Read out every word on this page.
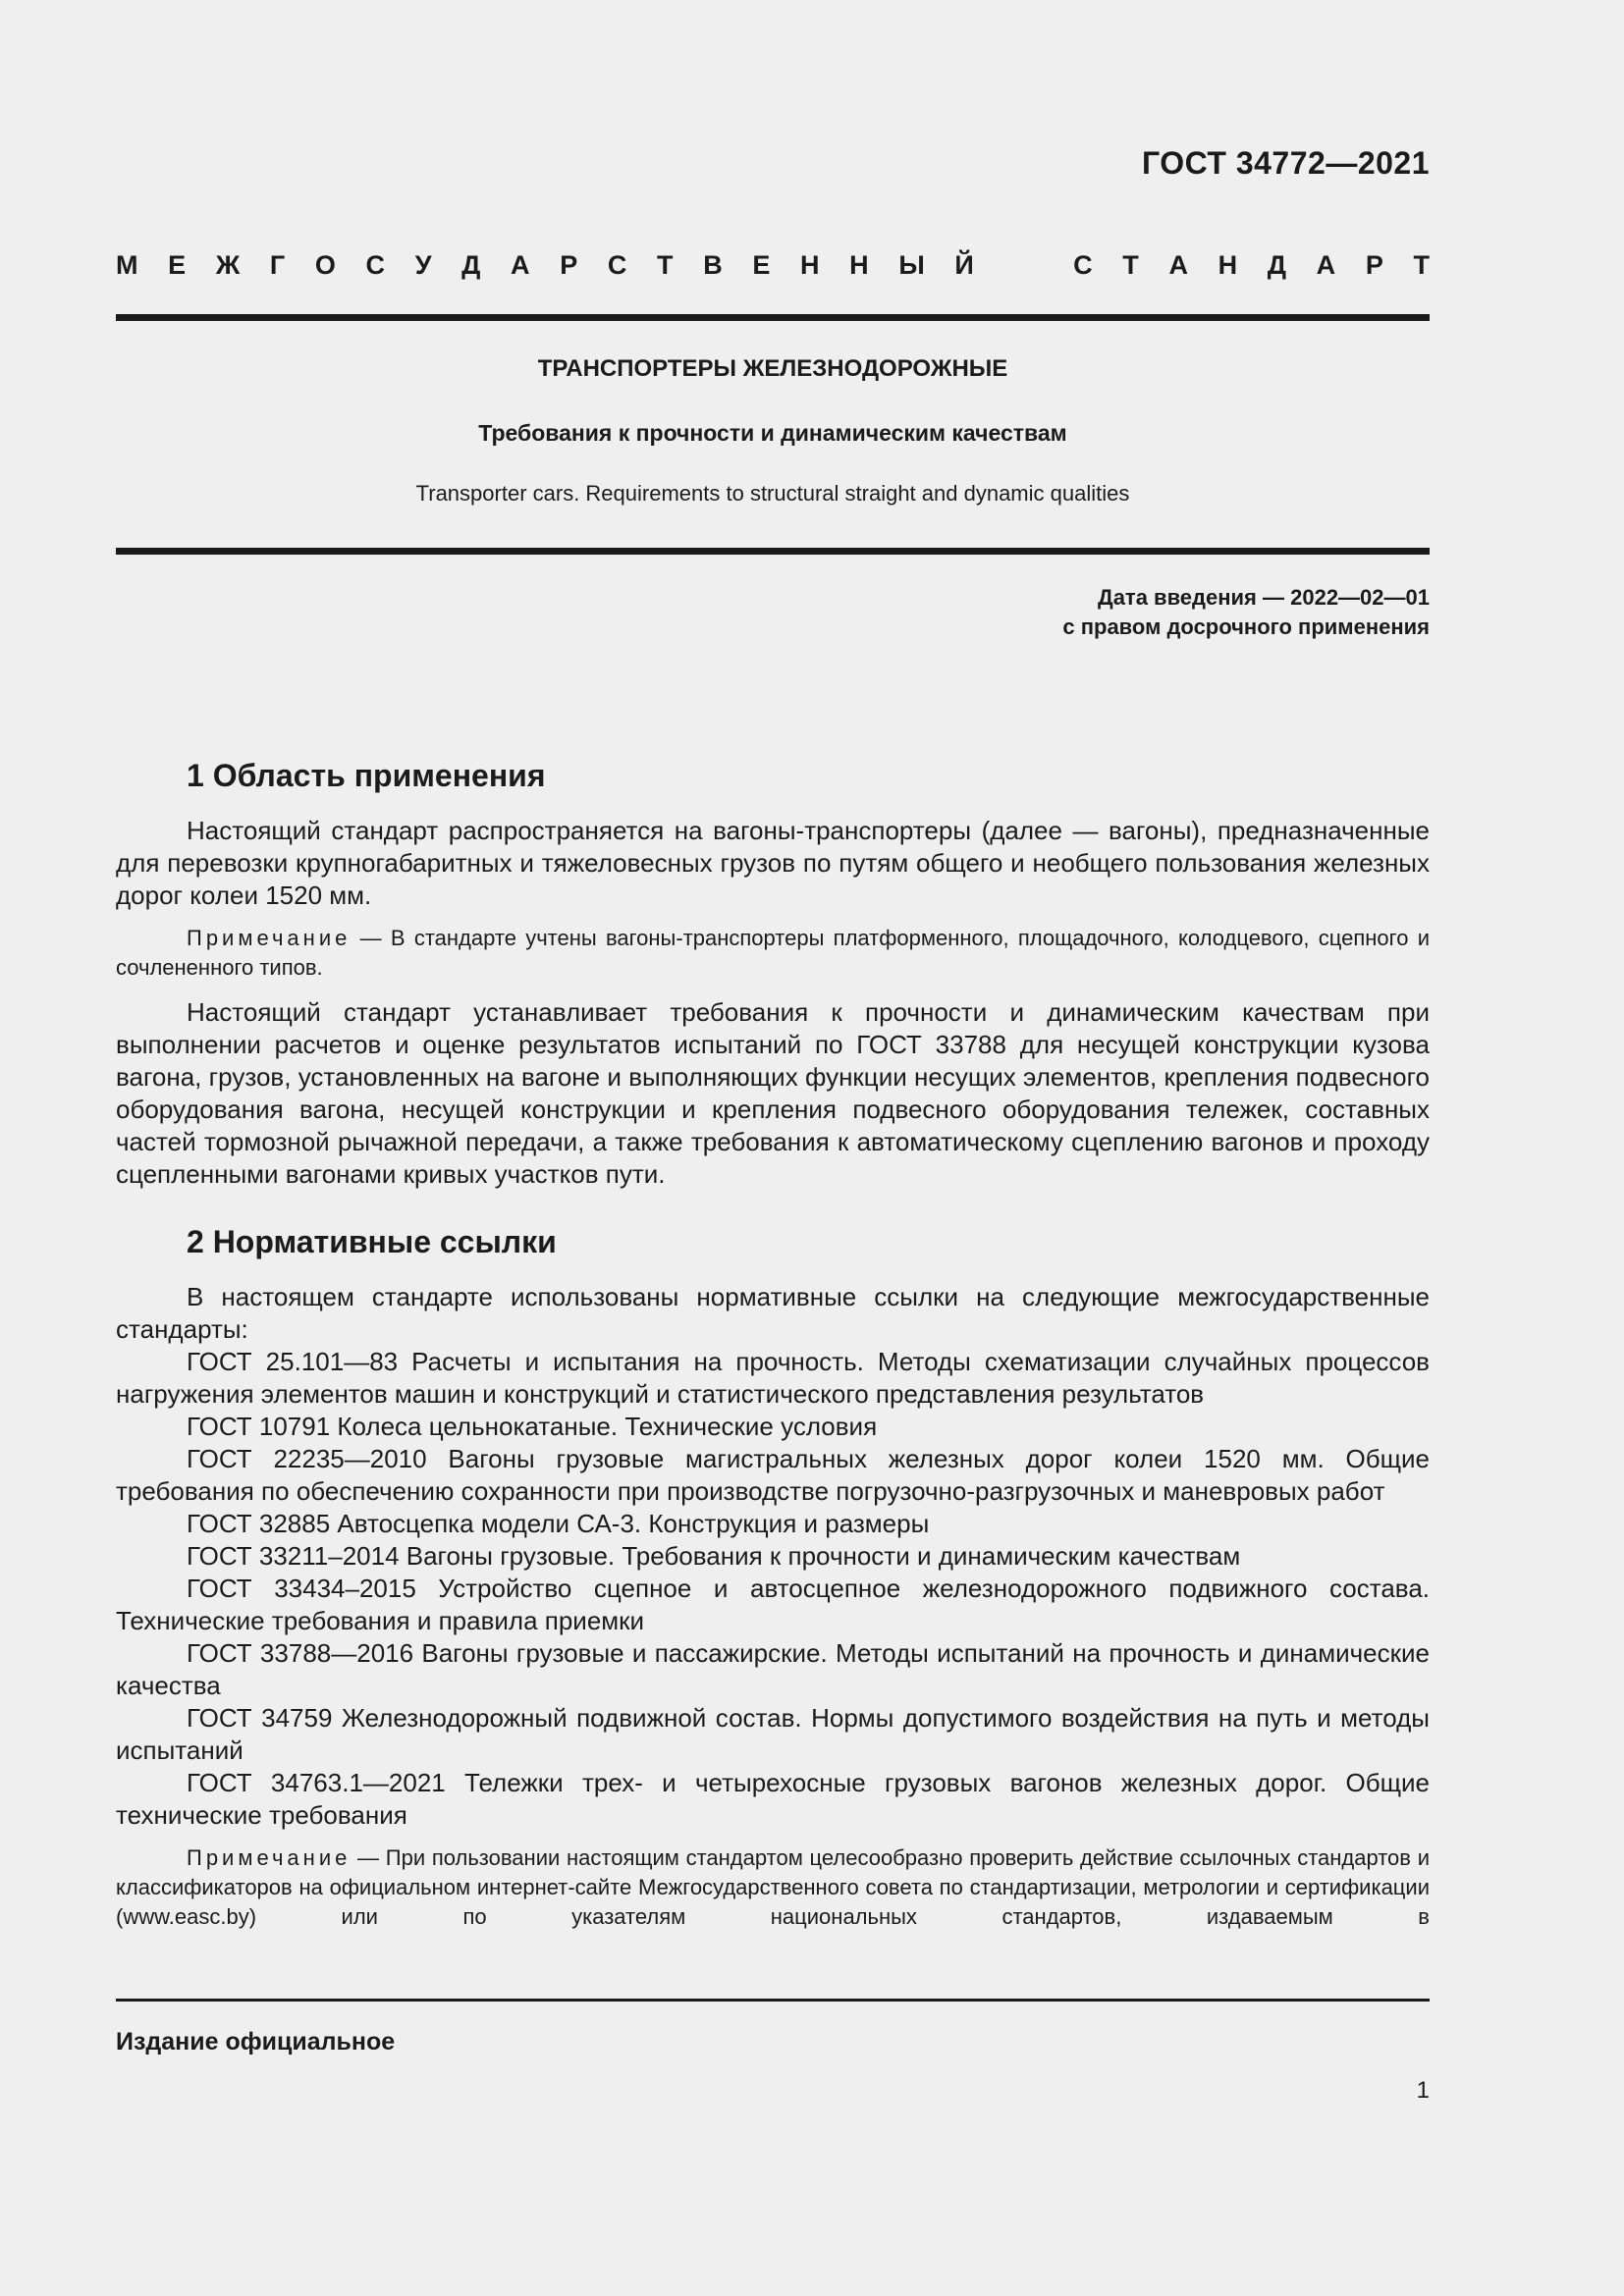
ГОСТ 34772—2021
М Е Ж Г О С У Д А Р С Т В Е Н Н Ы Й	С Т А Н Д А Р Т
ТРАНСПОРТЕРЫ ЖЕЛЕЗНОДОРОЖНЫЕ
Требования к прочности и динамическим качествам
Transporter cars. Requirements to structural straight and dynamic qualities
Дата введения — 2022—02—01
с правом досрочного применения
1 Область применения

Настоящий стандарт распространяется на вагоны-транспортеры (далее — вагоны), предназначенные для перевозки крупногабаритных и тяжеловесных грузов по путям общего и необщего пользования железных дорог колеи 1520 мм.

Примечание — В стандарте учтены вагоны-транспортеры платформенного, площадочного, колодцевого, сцепного и сочлененного типов.

Настоящий стандарт устанавливает требования к прочности и динамическим качествам при выполнении расчетов и оценке результатов испытаний по ГОСТ 33788 для несущей конструкции кузова вагона, грузов, установленных на вагоне и выполняющих функции несущих элементов, крепления подвесного оборудования вагона, несущей конструкции и крепления подвесного оборудования тележек, составных частей тормозной рычажной передачи, а также требования к автоматическому сцеплению вагонов и проходу сцепленными вагонами кривых участков пути.

2 Нормативные ссылки

В настоящем стандарте использованы нормативные ссылки на следующие межгосударственные стандарты:

ГОСТ 25.101—83 Расчеты и испытания на прочность. Методы схематизации случайных процессов нагружения элементов машин и конструкций и статистического представления результатов

ГОСТ 10791 Колеса цельнокатаные. Технические условия

ГОСТ 22235—2010 Вагоны грузовые магистральных железных дорог колеи 1520 мм. Общие требования по обеспечению сохранности при производстве погрузочно-разгрузочных и маневровых работ

ГОСТ 32885 Автосцепка модели СА-3. Конструкция и размеры

ГОСТ 33211–2014 Вагоны грузовые. Требования к прочности и динамическим качествам

ГОСТ 33434–2015 Устройство сцепное и автосцепное железнодорожного подвижного состава. Технические требования и правила приемки

ГОСТ 33788—2016 Вагоны грузовые и пассажирские. Методы испытаний на прочность и динамические качества

ГОСТ 34759 Железнодорожный подвижной состав. Нормы допустимого воздействия на путь и методы испытаний

ГОСТ 34763.1—2021 Тележки трех- и четырехосные грузовых вагонов железных дорог. Общие технические требования

Примечание — При пользовании настоящим стандартом целесообразно проверить действие ссылочных стандартов и классификаторов на официальном интернет-сайте Межгосударственного совета по стандартизации, метрологии и сертификации (www.easc.by) или по указателям национальных стандартов, издаваемым в

Издание официальное
1
